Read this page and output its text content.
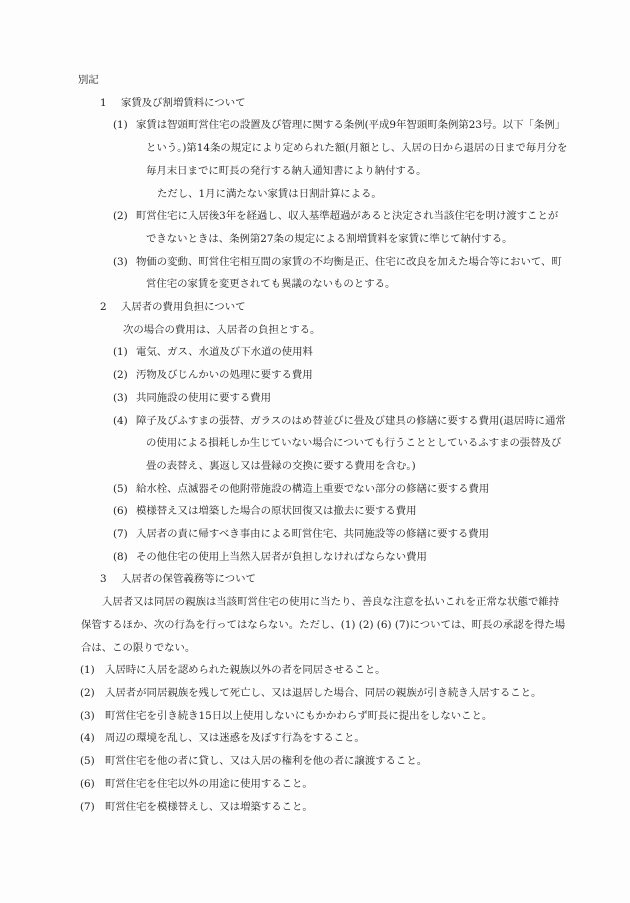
別記
1 家賃及び割増賃料について
(1) 家賃は智頭町営住宅の設置及び管理に関する条例(平成9年智頭町条例第23号。以下「条例」という。)第14条の規定により定められた額(月額とし、入居の日から退居の日まで毎月分を毎月末日までに町長の発行する納入通知書により納付する。
ただし、1月に満たない家賃は日割計算による。
(2) 町営住宅に入居後3年を経過し、収入基準超過があると決定され当該住宅を明け渡すことができないときは、条例第27条の規定による割増賃料を家賃に準じて納付する。
(3) 物価の変動、町営住宅相互間の家賃の不均衡是正、住宅に改良を加えた場合等において、町営住宅の家賃を変更されても異議のないものとする。
2 入居者の費用負担について
次の場合の費用は、入居者の負担とする。
(1) 電気、ガス、水道及び下水道の使用料
(2) 汚物及びじんかいの処理に要する費用
(3) 共同施設の使用に要する費用
(4) 障子及びふすまの張替、ガラスのはめ替並びに畳及び建具の修繕に要する費用(退居時に通常の使用による損耗しか生じていない場合についても行うこととしているふすまの張替及び畳の表替え、裏返し又は畳縁の交換に要する費用を含む。)
(5) 給水栓、点滅器その他附帯施設の構造上重要でない部分の修繕に要する費用
(6) 模様替え又は増築した場合の原状回復又は撤去に要する費用
(7) 入居者の責に帰すべき事由による町営住宅、共同施設等の修繕に要する費用
(8) その他住宅の使用上当然入居者が負担しなければならない費用
3 入居者の保管義務等について
入居者又は同居の親族は当該町営住宅の使用に当たり、善良な注意を払いこれを正常な状態で維持保管するほか、次の行為を行ってはならない。ただし、(1) (2) (6) (7)については、町長の承認を得た場合は、この限りでない。
(1) 入居時に入居を認められた親族以外の者を同居させること。
(2) 入居者が同居親族を残して死亡し、又は退居した場合、同居の親族が引き続き入居すること。
(3) 町営住宅を引き続き15日以上使用しないにもかかわらず町長に提出をしないこと。
(4) 周辺の環境を乱し、又は迷惑を及ぼす行為をすること。
(5) 町営住宅を他の者に貸し、又は入居の権利を他の者に譲渡すること。
(6) 町営住宅を住宅以外の用途に使用すること。
(7) 町営住宅を模様替えし、又は増築すること。
